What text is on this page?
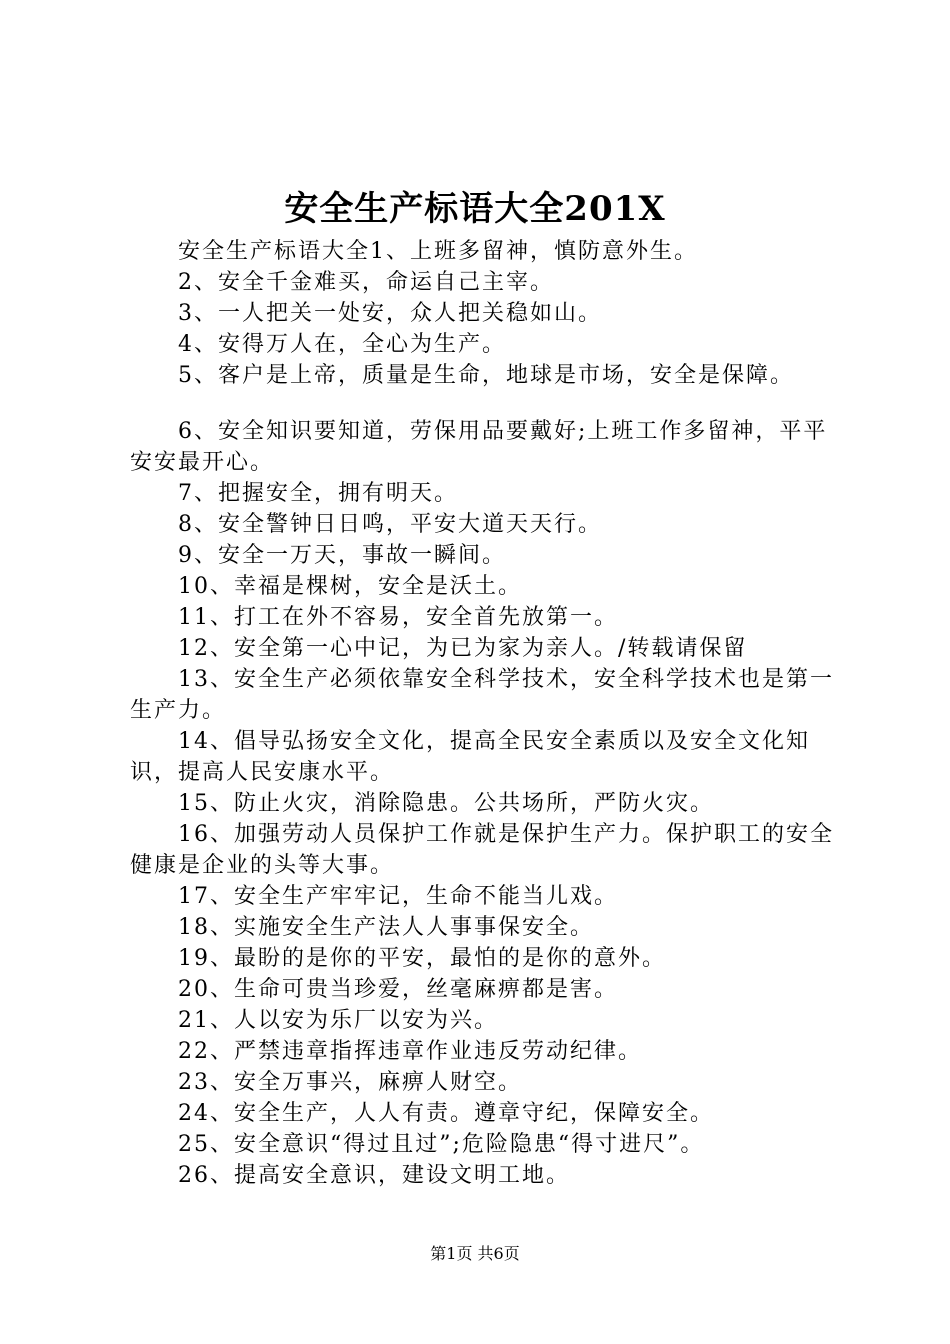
安全生产标语大全201X

安全生产标语大全1、上班多留神，慎防意外生。

2、安全千金难买，命运自己主宰。

3、一人把关一处安，众人把关稳如山。

4、安得万人在，全心为生产。

5、客户是上帝，质量是生命，地球是市场，安全是保障。

6、安全知识要知道，劳保用品要戴好;上班工作多留神，平平安安最开心。

7、把握安全，拥有明天。

8、安全警钟日日鸣，平安大道天天行。

9、安全一万天，事故一瞬间。

10、幸福是棵树，安全是沃土。

11、打工在外不容易，安全首先放第一。

12、安全第一心中记，为已为家为亲人。/转载请保留

13、安全生产必须依靠安全科学技术，安全科学技术也是第一生产力。

14、倡导弘扬安全文化，提高全民安全素质以及安全文化知识，提高人民安康水平。

15、防止火灾，消除隐患。公共场所，严防火灾。

16、加强劳动人员保护工作就是保护生产力。保护职工的安全健康是企业的头等大事。

17、安全生产牢牢记，生命不能当儿戏。

18、实施安全生产法人人事事保安全。

19、最盼的是你的平安，最怕的是你的意外。

20、生命可贵当珍爱，丝毫麻痹都是害。

21、人以安为乐厂以安为兴。

22、严禁违章指挥违章作业违反劳动纪律。

23、安全万事兴，麻痹人财空。

24、安全生产，人人有责。遵章守纪，保障安全。

25、安全意识“得过且过”;危险隐患“得寸进尺”。

26、提高安全意识，建设文明工地。

第1页 共6页
